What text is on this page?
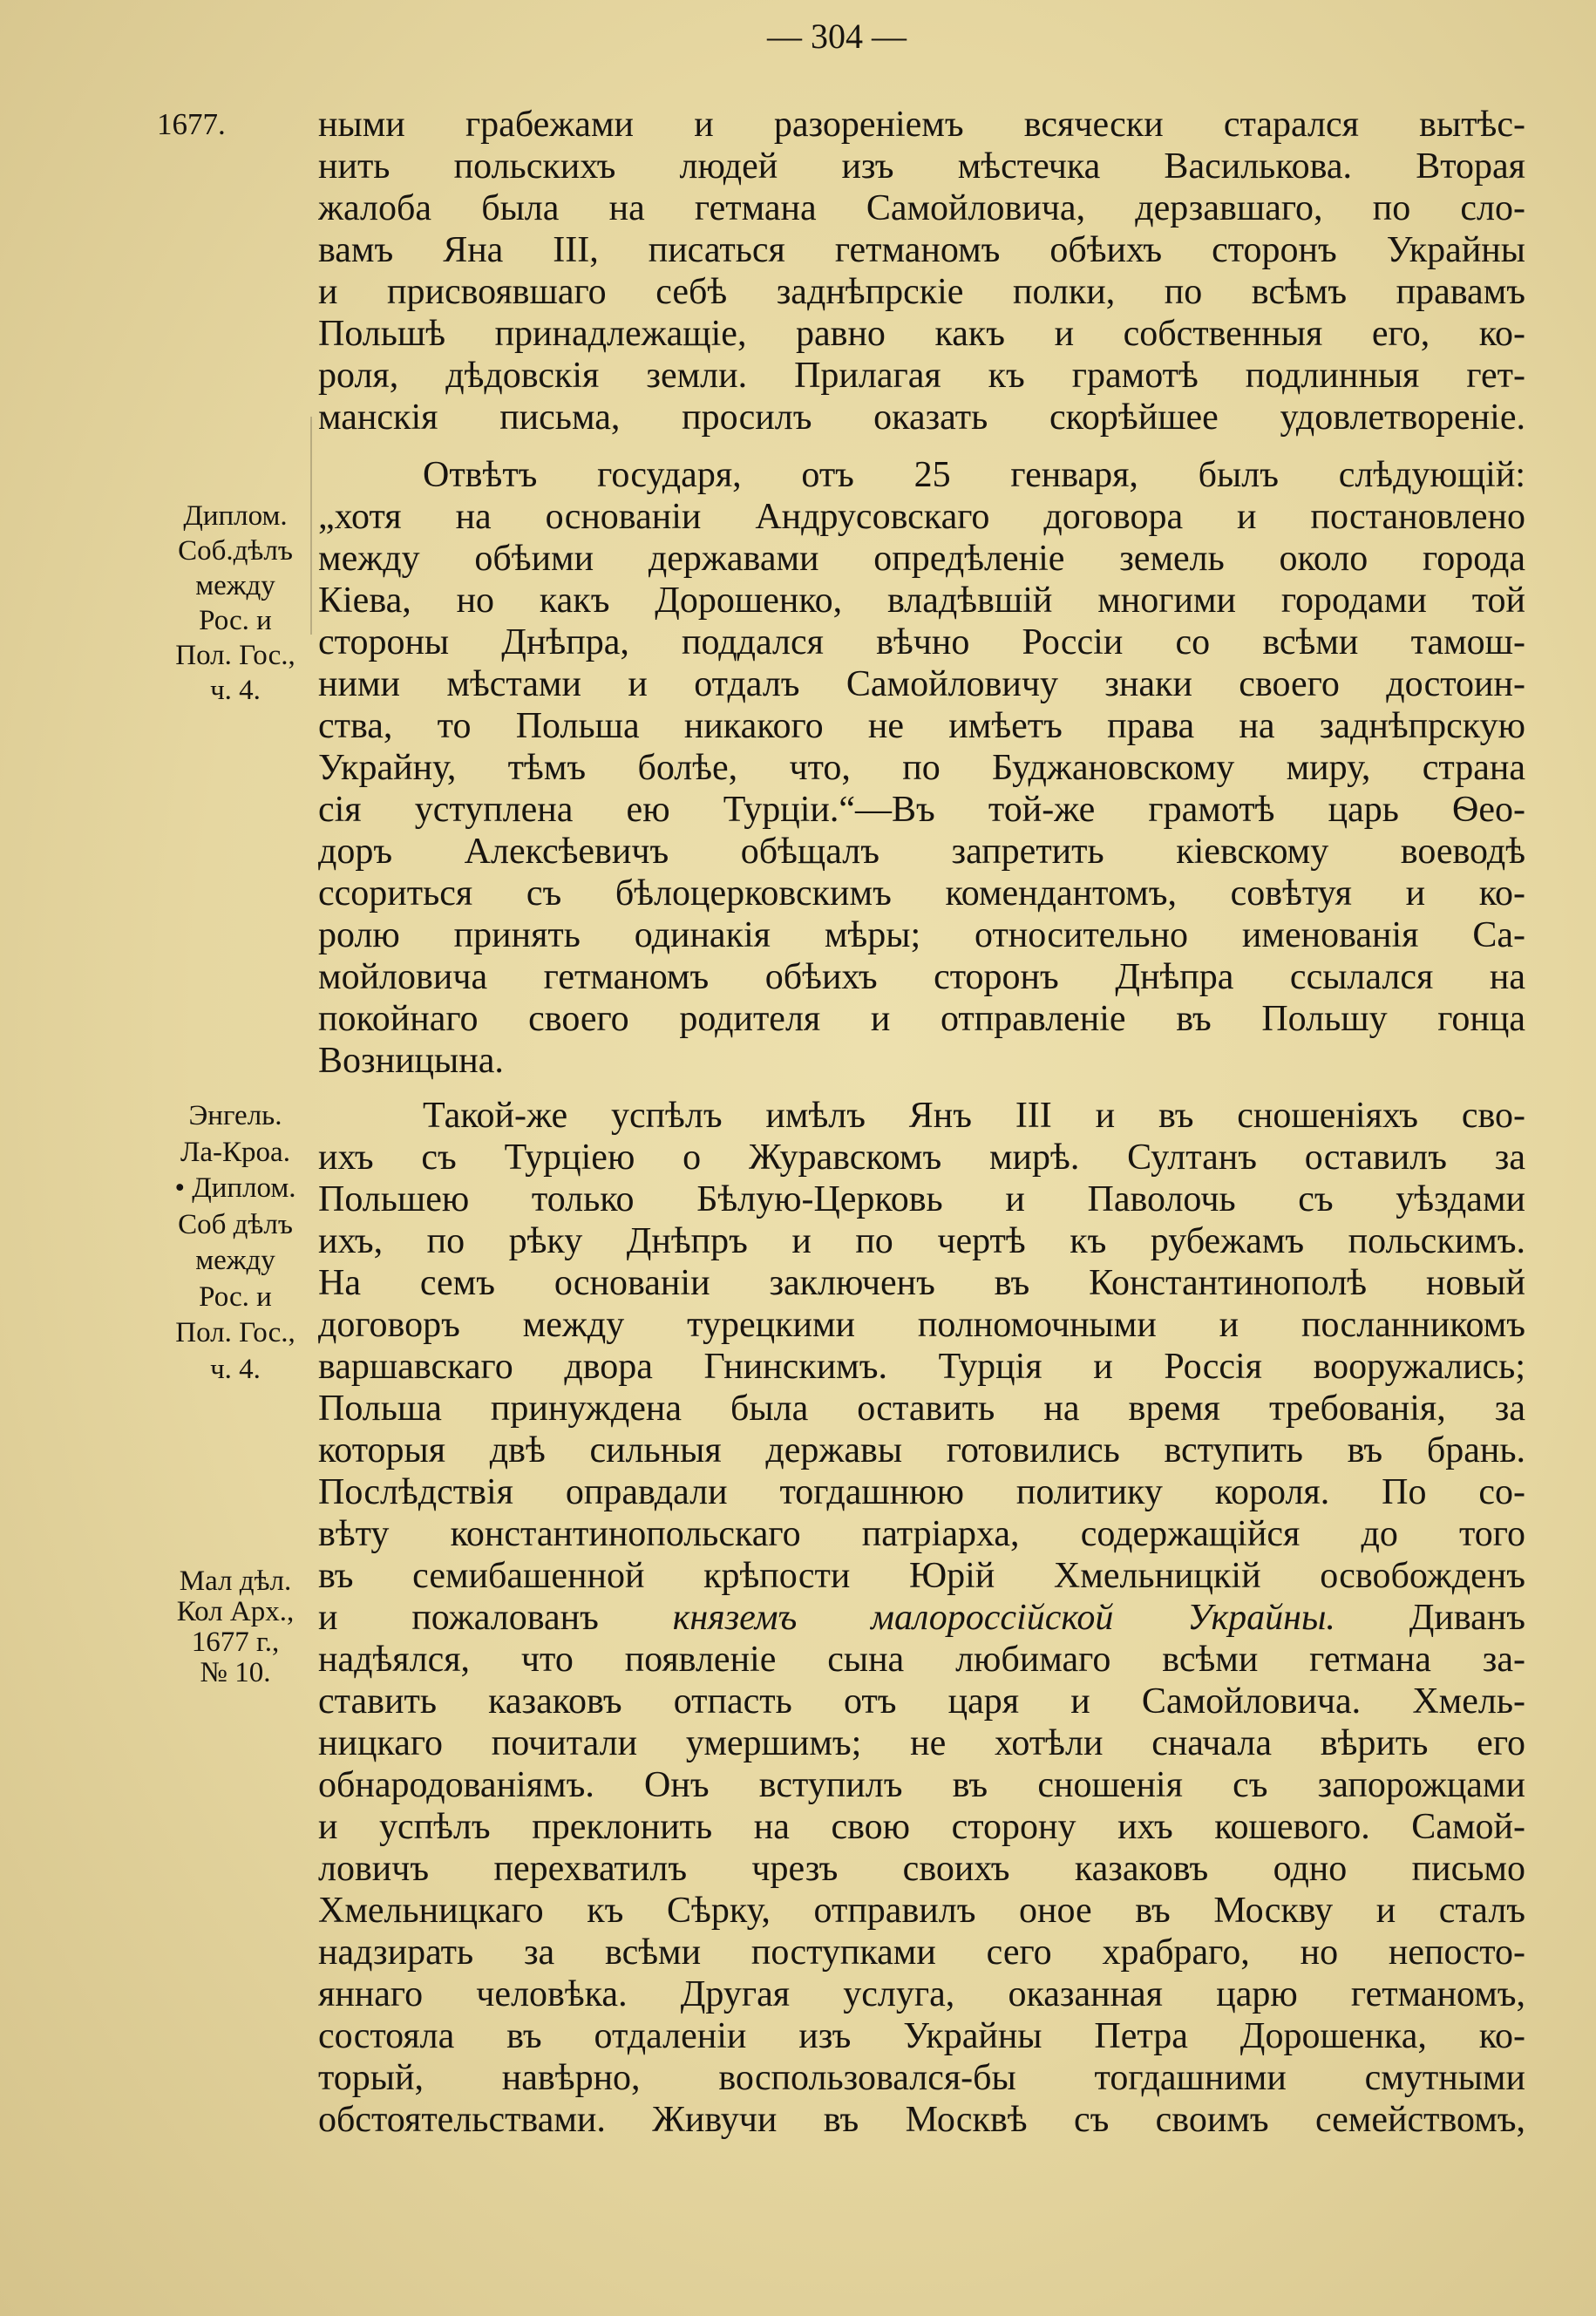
— 304 —
1677.
Диплом.
Соб.дѣлъ
между
Рос. и
Пол. Гос.,
ч. 4.
Энгель.
Ла-Кроа.
• Диплом.
Соб дѣлъ
между
Рос. и
Пол. Гос.,
ч. 4.
Мал дѣл.
Кол Арх.,
1677 г.,
№ 10.
ными грабежами и разореніемъ всячески старался вытѣс-
нить польскихъ людей изъ мѣстечка Василькова. Вторая
жалоба была на гетмана Самойловича, дерзавшаго, по сло-
вамъ Яна III, писаться гетманомъ обѣихъ сторонъ Украйны
и присвоявшаго себѣ заднѣпрскіе полки, по всѣмъ правамъ
Польшѣ принадлежащіе, равно какъ и собственныя его, ко-
роля, дѣдовскія земли. Прилагая къ грамотѣ подлинныя гет-
манскія письма, просилъ оказать скорѣйшее удовлетвореніе.
Отвѣтъ государя, отъ 25 генваря, былъ слѣдующій:
„хотя на основаніи Андрусовскаго договора и постановлено
между обѣими державами опредѣленіе земель около города
Кіева, но какъ Дорошенко, владѣвшій многими городами той
стороны Днѣпра, поддался вѣчно Россіи со всѣми тамош-
ними мѣстами и отдалъ Самойловичу знаки своего достоин-
ства, то Польша никакого не имѣетъ права на заднѣпрскую
Украйну, тѣмъ болѣе, что, по Буджановскому миру, страна
сія уступлена ею Турціи.“—Въ той-же грамотѣ царь Ѳео-
доръ Алексѣевичъ обѣщалъ запретить кіевскому воеводѣ
ссориться съ бѣлоцерковскимъ комендантомъ, совѣтуя и ко-
ролю принять одинакія мѣры; относительно именованія Са-
мойловича гетманомъ обѣихъ сторонъ Днѣпра ссылался на
покойнаго своего родителя и отправленіе въ Польшу гонца
Возницына.
Такой-же успѣлъ имѣлъ Янъ III и въ сношеніяхъ сво-
ихъ съ Турціею о Журавскомъ мирѣ. Султанъ оставилъ за
Польшею только Бѣлую-Церковь и Паволочь съ уѣздами
ихъ, по рѣку Днѣпръ и по чертѣ къ рубежамъ польскимъ.
На семъ основаніи заключенъ въ Константинополѣ новый
договоръ между турецкими полномочными и посланникомъ
варшавскаго двора Гнинскимъ. Турція и Россія вооружались;
Польша принуждена была оставить на время требованія, за
которыя двѣ сильныя державы готовились вступить въ брань.
Послѣдствія оправдали тогдашнюю политику короля. По со-
вѣту константинопольскаго патріарха, содержащійся до того
въ семибашенной крѣпости Юрій Хмельницкій освобожденъ
и пожалованъ княземъ малороссійской Украйны. Диванъ
надѣялся, что появленіе сына любимаго всѣми гетмана за-
ставить казаковъ отпасть отъ царя и Самойловича. Хмель-
ницкаго почитали умершимъ; не хотѣли сначала вѣрить его
обнародованіямъ. Онъ вступилъ въ сношенія съ запорожцами
и успѣлъ преклонить на свою сторону ихъ кошевого. Самой-
ловичъ перехватилъ чрезъ своихъ казаковъ одно письмо
Хмельницкаго къ Сѣрку, отправилъ оное въ Москву и сталъ
надзирать за всѣми поступками сего храбраго, но непосто-
яннаго человѣка. Другая услуга, оказанная царю гетманомъ,
состояла въ отдаленіи изъ Украйны Петра Дорошенка, ко-
торый, навѣрно, воспользовался-бы тогдашними смутными
обстоятельствами. Живучи въ Москвѣ съ своимъ семействомъ,
